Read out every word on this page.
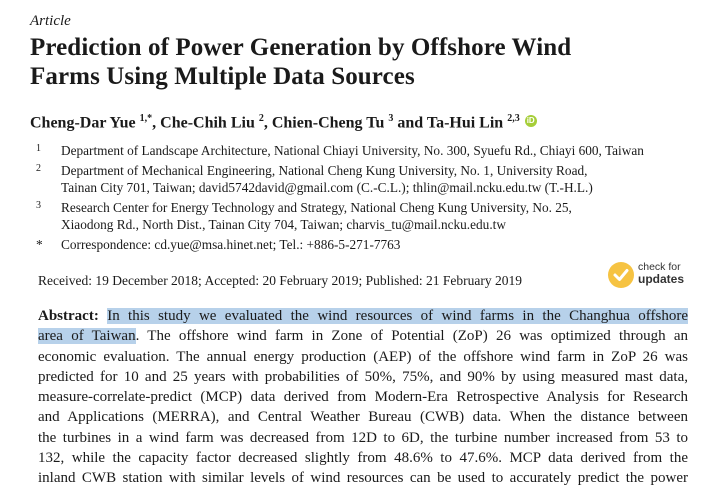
Article
Prediction of Power Generation by Offshore Wind
Farms Using Multiple Data Sources
Cheng-Dar Yue $^{1,*}$, Che-Chih Liu $^2$, Chien-Cheng Tu $^3$ and Ta-Hui Lin $^{2,3}$ iD
1	Department of Landscape Architecture, National Chiayi University, No. 300, Syuefu Rd., Chiayi 600, Taiwan
2	Department of Mechanical Engineering, National Cheng Kung University, No. 1, University Road,
Tainan City 701, Taiwan; david5742david@gmail.com (C.-C.L.); thlin@mail.ncku.edu.tw (T.-H.L.)
3	Research Center for Energy Technology and Strategy, National Cheng Kung University, No. 25,
Xiaodong Rd., North Dist., Tainan City 704, Taiwan; charvis_tu@mail.ncku.edu.tw
*	Correspondence: cd.yue@msa.hinet.net; Tel.: +886-5-271-7763
Received: 19 December 2018; Accepted: 20 February 2019; Published: 21 February 2019
check for
updates
Abstract: In this study we evaluated the wind resources of wind farms in the Changhua offshore
area of Taiwan. The offshore wind farm in Zone of Potential (ZoP) 26 was optimized through an
economic evaluation. The annual energy production (AEP) of the offshore wind farm in ZoP 26 was
predicted for 10 and 25 years with probabilities of 50%, 75%, and 90% by using measured mast data,
measure-correlate-predict (MCP) data derived from Modern-Era Retrospective Analysis for Research
and Applications (MERRA), and Central Weather Bureau (CWB) data. When the distance between
the turbines in a wind farm was decreased from 12D to 6D, the turbine number increased from 53 to
132, while the capacity factor decreased slightly from 48.6% to 47.6%. MCP data derived from the
inland CWB station with similar levels of wind resources can be used to accurately predict the power
